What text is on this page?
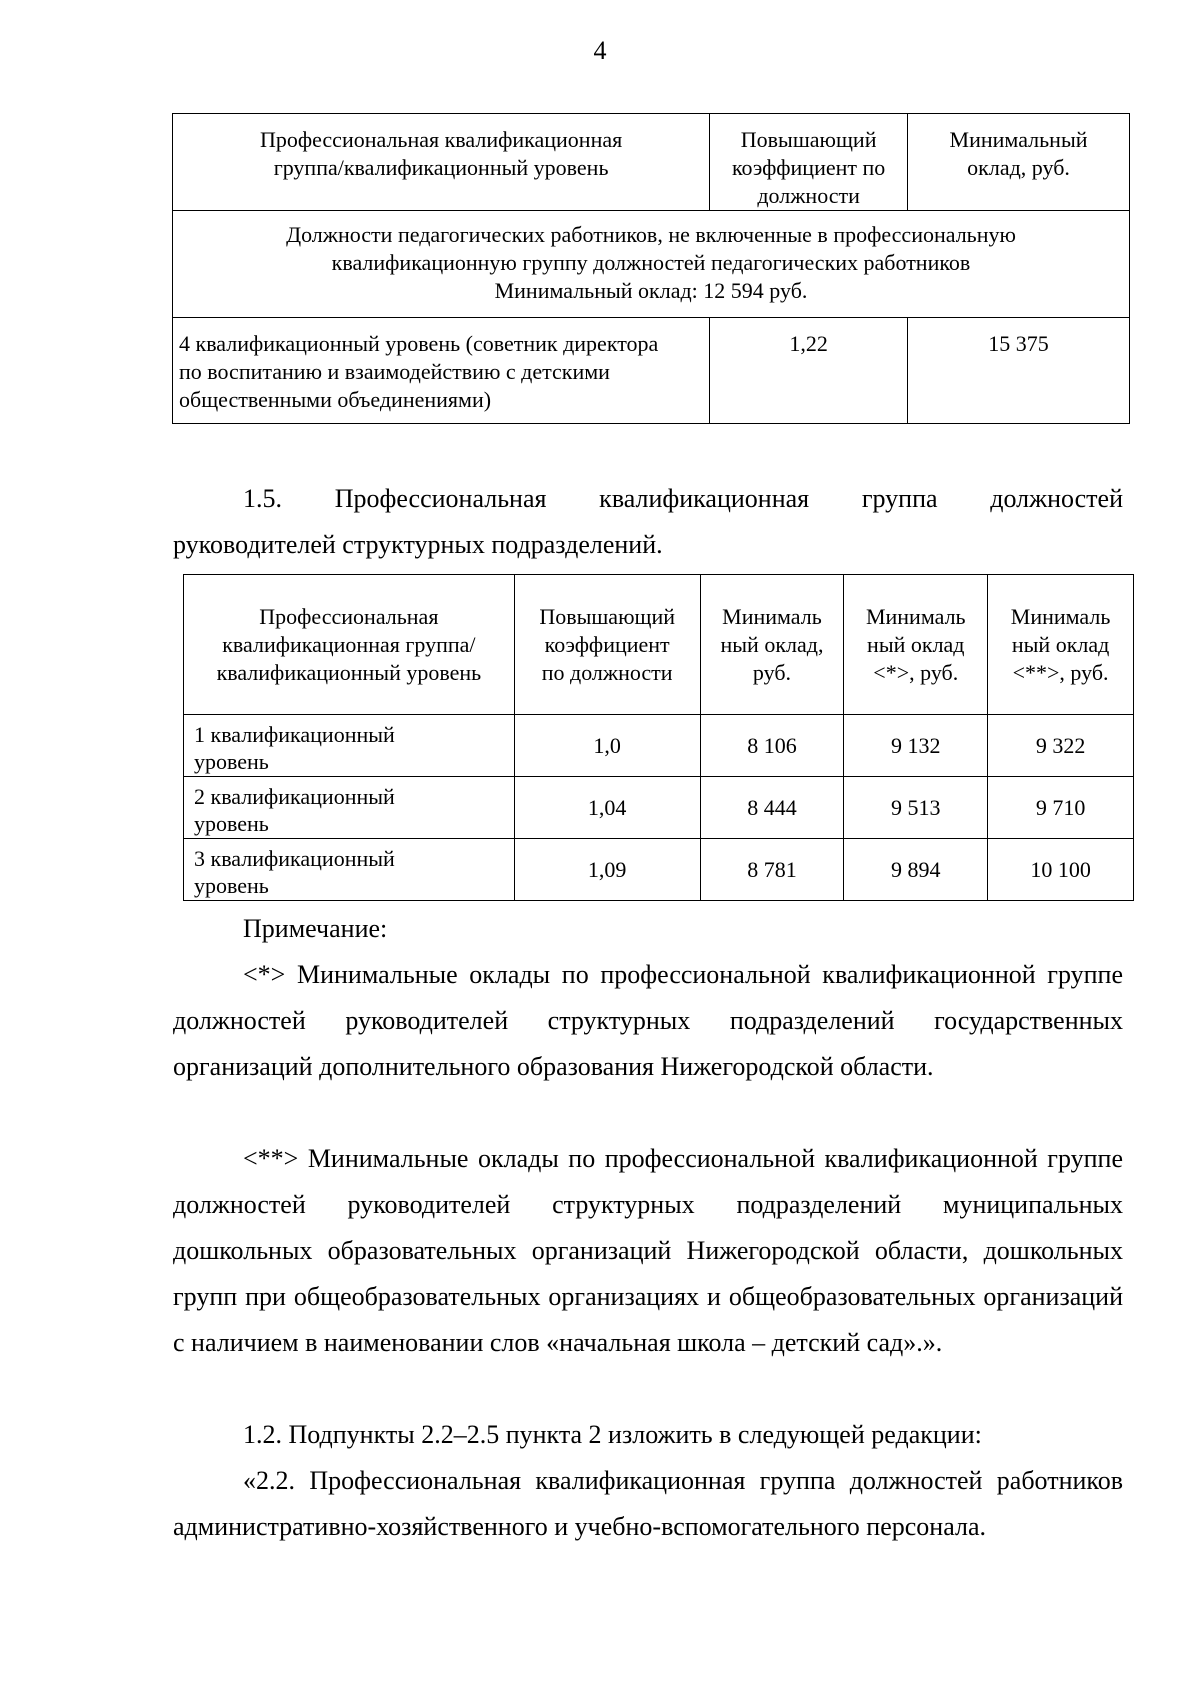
4
Профессиональная квалификационная группа/квалификационный уровень	Повышающий коэффициент по должности	Минимальный оклад, руб.

Должности педагогических работников, не включенные в профессиональную
квалификационную группу должностей педагогических работников
Минимальный оклад: 12 594 руб.		

4 квалификационный уровень (советник директора по воспитанию и взаимодействию с детскими общественными объединениями)	1,22	15 375

1.5. Профессиональная квалификационная группа должностей

руководителей структурных подразделений.

Профессиональная квалификационная группа/квалификационный уровень	Повышающий коэффициент по должности	Минималь ный оклад, руб.	Минималь ный оклад <*>, руб.	Минималь ный оклад <**>, руб.
1 квалификационный уровень	1,0	8 106	9 132	9 322
2 квалификационный уровень	1,04	8 444	9 513	9 710
3 квалификационный уровень	1,09	8 781	9 894	10 100

Примечание:

<*> Минимальные оклады по профессиональной квалификационной группе должностей руководителей структурных подразделений государственных организаций дополнительного образования Нижегородской области.

<**> Минимальные оклады по профессиональной квалификационной группе должностей руководителей структурных подразделений муниципальных дошкольных образовательных организаций Нижегородской области, дошкольных групп при общеобразовательных организациях и общеобразовательных организаций с наличием в наименовании слов «начальная школа – детский сад».».

1.2. Подпункты 2.2–2.5 пункта 2 изложить в следующей редакции:

«2.2. Профессиональная квалификационная группа должностей работников административно-хозяйственного и учебно-вспомогательного персонала.
